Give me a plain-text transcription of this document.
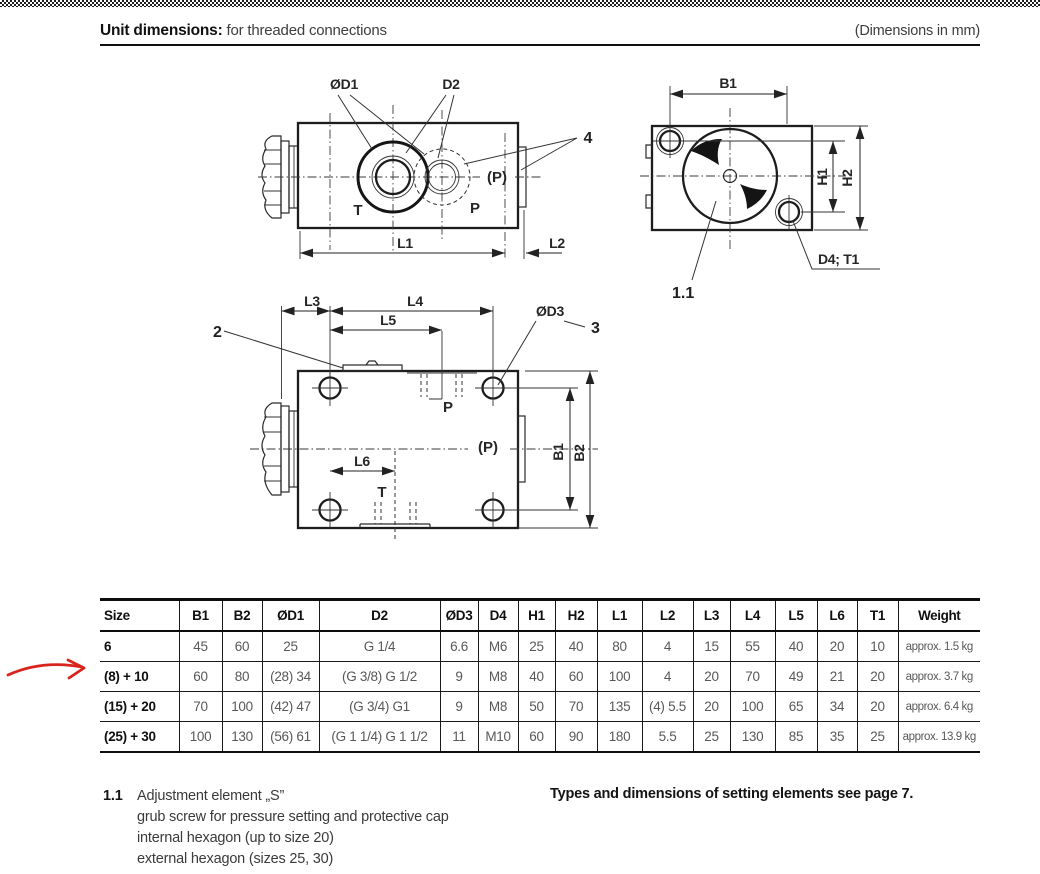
Unit dimensions: for threaded connections	(Dimensions in mm)
ØD1	D2
(P)
T	P
4
L1	L2
B1
H1 H2
D4; T1
1.1
P
(P)
T
L3	L4
L5
L6
2
ØD3
3
B1 B2
Size	B1	B2	ØD1	D2	ØD3	D4	H1	H2	L1	L2	L3	L4	L5	L6	T1	Weight
6	45	60	25	G 1/4	6.6	M6	25	40	80	4	15	55	40	20	10	approx. 1.5 kg
(8) + 10	60	80	(28) 34	(G 3/8) G 1/2	9	M8	40	60	100	4	20	70	49	21	20	approx. 3.7 kg
(15) + 20	70	100	(42) 47	(G 3/4) G1	9	M8	50	70	135	(4) 5.5	20	100	65	34	20	approx. 6.4 kg
(25) + 30	100	130	(56) 61	(G 1 1/4) G 1 1/2	11	M10	60	90	180	5.5	25	130	85	35	25	approx. 13.9 kg
1.1 Adjustment element „S”
grub screw for pressure setting and protective cap
internal hexagon (up to size 20)
external hexagon (sizes 25, 30)
Types and dimensions of setting elements see page 7.
